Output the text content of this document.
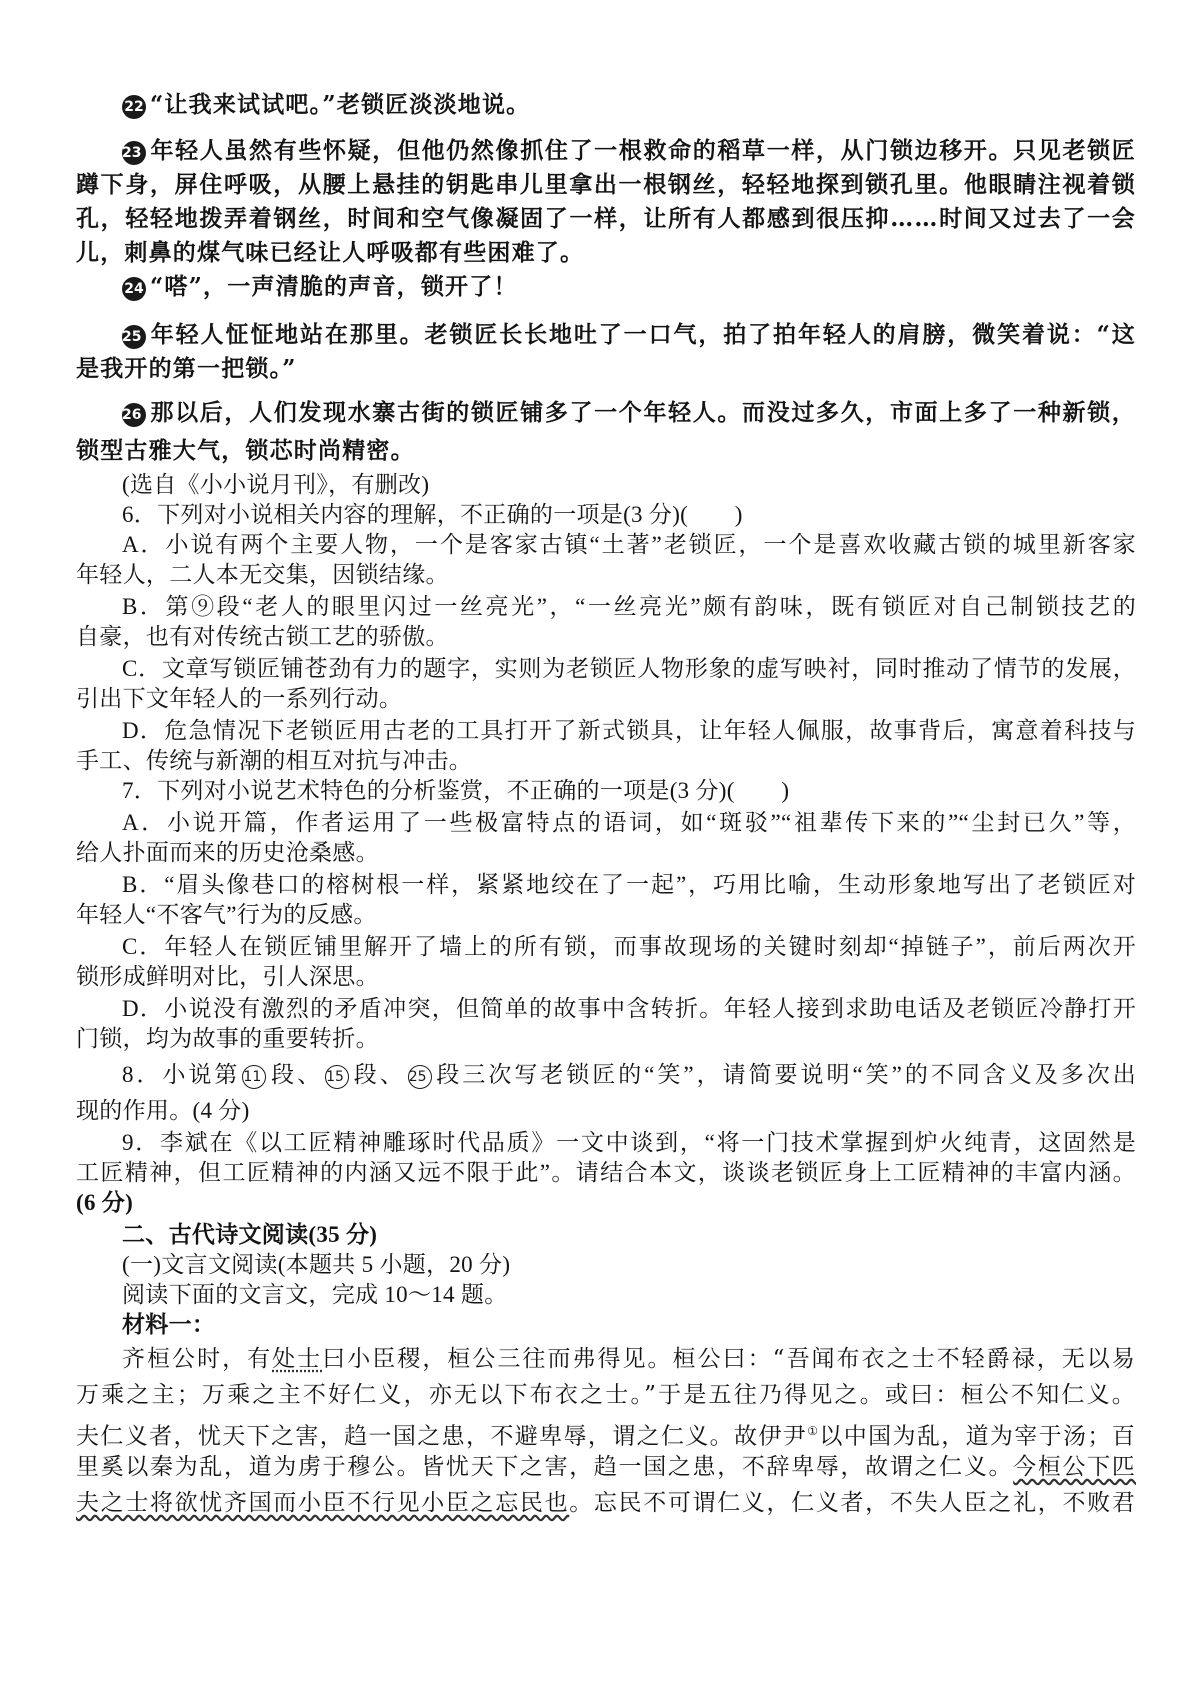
22 “让我来试试吧。”老锁匠淡淡地说。
23 年轻人虽然有些怀疑，但他仍然像抓住了一根救命的稻草一样，从门锁边移开。只见老锁匠
蹲下身，屏住呼吸，从腰上悬挂的钥匙串儿里拿出一根钢丝，轻轻地探到锁孔里。他眼睛注视着锁
孔，轻轻地拨弄着钢丝，时间和空气像凝固了一样，让所有人都感到很压抑……时间又过去了一会
儿，刺鼻的煤气味已经让人呼吸都有些困难了。
24 “嗒”，一声清脆的声音，锁开了！
25 年轻人怔怔地站在那里。老锁匠长长地吐了一口气，拍了拍年轻人的肩膀，微笑着说：“这
是我开的第一把锁。”
26 那以后，人们发现水寨古街的锁匠铺多了一个年轻人。而没过多久，市面上多了一种新锁，
锁型古雅大气，锁芯时尚精密。
(选自《小小说月刊》，有删改)
6．下列对小说相关内容的理解，不正确的一项是(3 分)(　　)
A．小说有两个主要人物，一个是客家古镇“土著”老锁匠，一个是喜欢收藏古锁的城里新客家
年轻人，二人本无交集，因锁结缘。
B．第⑨段“老人的眼里闪过一丝亮光”，“一丝亮光”颇有韵味，既有锁匠对自己制锁技艺的
自豪，也有对传统古锁工艺的骄傲。
C．文章写锁匠铺苍劲有力的题字，实则为老锁匠人物形象的虚写映衬，同时推动了情节的发展，
引出下文年轻人的一系列行动。
D．危急情况下老锁匠用古老的工具打开了新式锁具，让年轻人佩服，故事背后，寓意着科技与
手工、传统与新潮的相互对抗与冲击。
7．下列对小说艺术特色的分析鉴赏，不正确的一项是(3 分)(　　)
A．小说开篇，作者运用了一些极富特点的语词，如“斑驳”“祖辈传下来的”“尘封已久”等，
给人扑面而来的历史沧桑感。
B．“眉头像巷口的榕树根一样，紧紧地绞在了一起”，巧用比喻，生动形象地写出了老锁匠对
年轻人“不客气”行为的反感。
C．年轻人在锁匠铺里解开了墙上的所有锁，而事故现场的关键时刻却“掉链子”，前后两次开
锁形成鲜明对比，引人深思。
D．小说没有激烈的矛盾冲突，但简单的故事中含转折。年轻人接到求助电话及老锁匠冷静打开
门锁，均为故事的重要转折。
8．小说第 11 段、 15 段、 25 段三次写老锁匠的“笑”，请简要说明“笑”的不同含义及多次出
现的作用。(4 分)
9．李斌在《以工匠精神雕琢时代品质》一文中谈到，“将一门技术掌握到炉火纯青，这固然是
工匠精神，但工匠精神的内涵又远不限于此”。请结合本文，谈谈老锁匠身上工匠精神的丰富内涵。
(6 分)
二、古代诗文阅读(35 分)
(一)文言文阅读(本题共 5 小题，20 分)
阅读下面的文言文，完成 10～14 题。
材料一：
齐桓公时，有处士曰小臣稷，桓公三往而弗得见。桓公曰：“吾闻布衣之士不轻爵禄，无以易
万乘之主；万乘之主不好仁义，亦无以下布衣之士。”于是五往乃得见之。或曰：桓公不知仁义。
夫仁义者，忧天下之害，趋一国之患，不避卑辱，谓之仁义。故伊尹①以中国为乱，道为宰于汤；百
里奚以秦为乱，道为虏于穆公。皆忧天下之害，趋一国之患，不辞卑辱，故谓之仁义。今桓公下匹
夫之士将欲忧齐国而小臣不行见小臣之忘民也。忘民不可谓仁义，仁义者，不失人臣之礼，不败君
